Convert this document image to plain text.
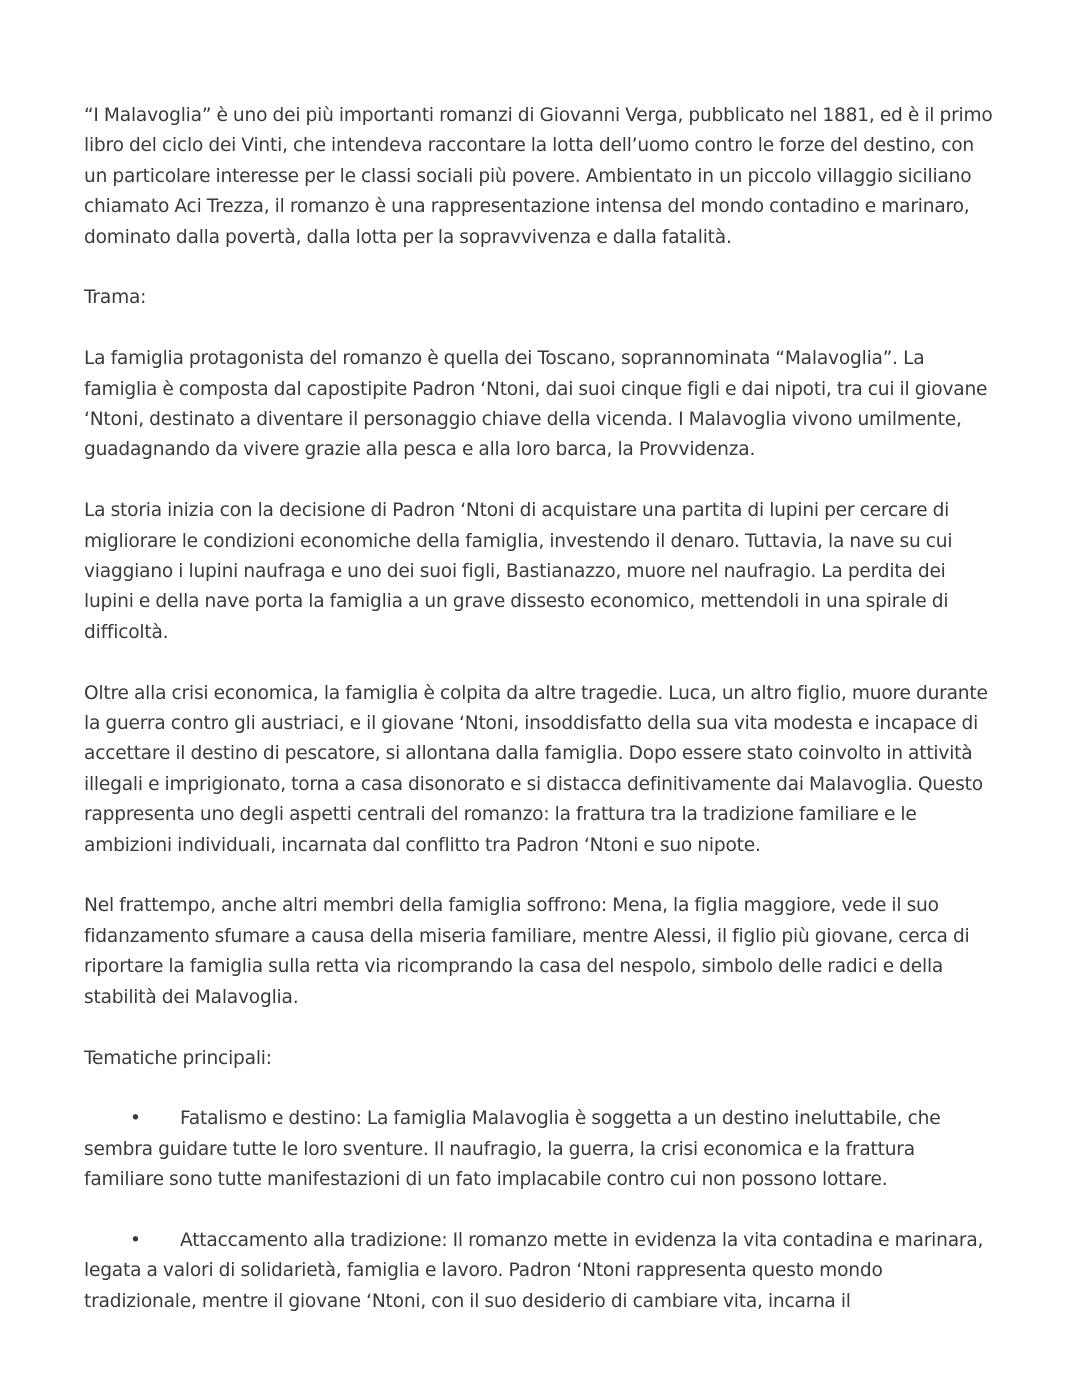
“I Malavoglia” è uno dei più importanti romanzi di Giovanni Verga, pubblicato nel 1881, ed è il primo libro del ciclo dei Vinti, che intendeva raccontare la lotta dell’uomo contro le forze del destino, con un particolare interesse per le classi sociali più povere. Ambientato in un piccolo villaggio siciliano chiamato Aci Trezza, il romanzo è una rappresentazione intensa del mondo contadino e marinaro, dominato dalla povertà, dalla lotta per la sopravvivenza e dalla fatalità.

Trama:

La famiglia protagonista del romanzo è quella dei Toscano, soprannominata “Malavoglia”. La famiglia è composta dal capostipite Padron ‘Ntoni, dai suoi cinque figli e dai nipoti, tra cui il giovane ‘Ntoni, destinato a diventare il personaggio chiave della vicenda. I Malavoglia vivono umilmente, guadagnando da vivere grazie alla pesca e alla loro barca, la Provvidenza.

La storia inizia con la decisione di Padron ‘Ntoni di acquistare una partita di lupini per cercare di migliorare le condizioni economiche della famiglia, investendo il denaro. Tuttavia, la nave su cui viaggiano i lupini naufraga e uno dei suoi figli, Bastianazzo, muore nel naufragio. La perdita dei lupini e della nave porta la famiglia a un grave dissesto economico, mettendoli in una spirale di difficoltà.

Oltre alla crisi economica, la famiglia è colpita da altre tragedie. Luca, un altro figlio, muore durante la guerra contro gli austriaci, e il giovane ‘Ntoni, insoddisfatto della sua vita modesta e incapace di accettare il destino di pescatore, si allontana dalla famiglia. Dopo essere stato coinvolto in attività illegali e imprigionato, torna a casa disonorato e si distacca definitivamente dai Malavoglia. Questo rappresenta uno degli aspetti centrali del romanzo: la frattura tra la tradizione familiare e le ambizioni individuali, incarnata dal conflitto tra Padron ‘Ntoni e suo nipote.

Nel frattempo, anche altri membri della famiglia soffrono: Mena, la figlia maggiore, vede il suo fidanzamento sfumare a causa della miseria familiare, mentre Alessi, il figlio più giovane, cerca di riportare la famiglia sulla retta via ricomprando la casa del nespolo, simbolo delle radici e della stabilità dei Malavoglia.

Tematiche principali:

• Fatalismo e destino: La famiglia Malavoglia è soggetta a un destino ineluttabile, che sembra guidare tutte le loro sventure. Il naufragio, la guerra, la crisi economica e la frattura familiare sono tutte manifestazioni di un fato implacabile contro cui non possono lottare.

• Attaccamento alla tradizione: Il romanzo mette in evidenza la vita contadina e marinara, legata a valori di solidarietà, famiglia e lavoro. Padron ‘Ntoni rappresenta questo mondo tradizionale, mentre il giovane ‘Ntoni, con il suo desiderio di cambiare vita, incarna il
